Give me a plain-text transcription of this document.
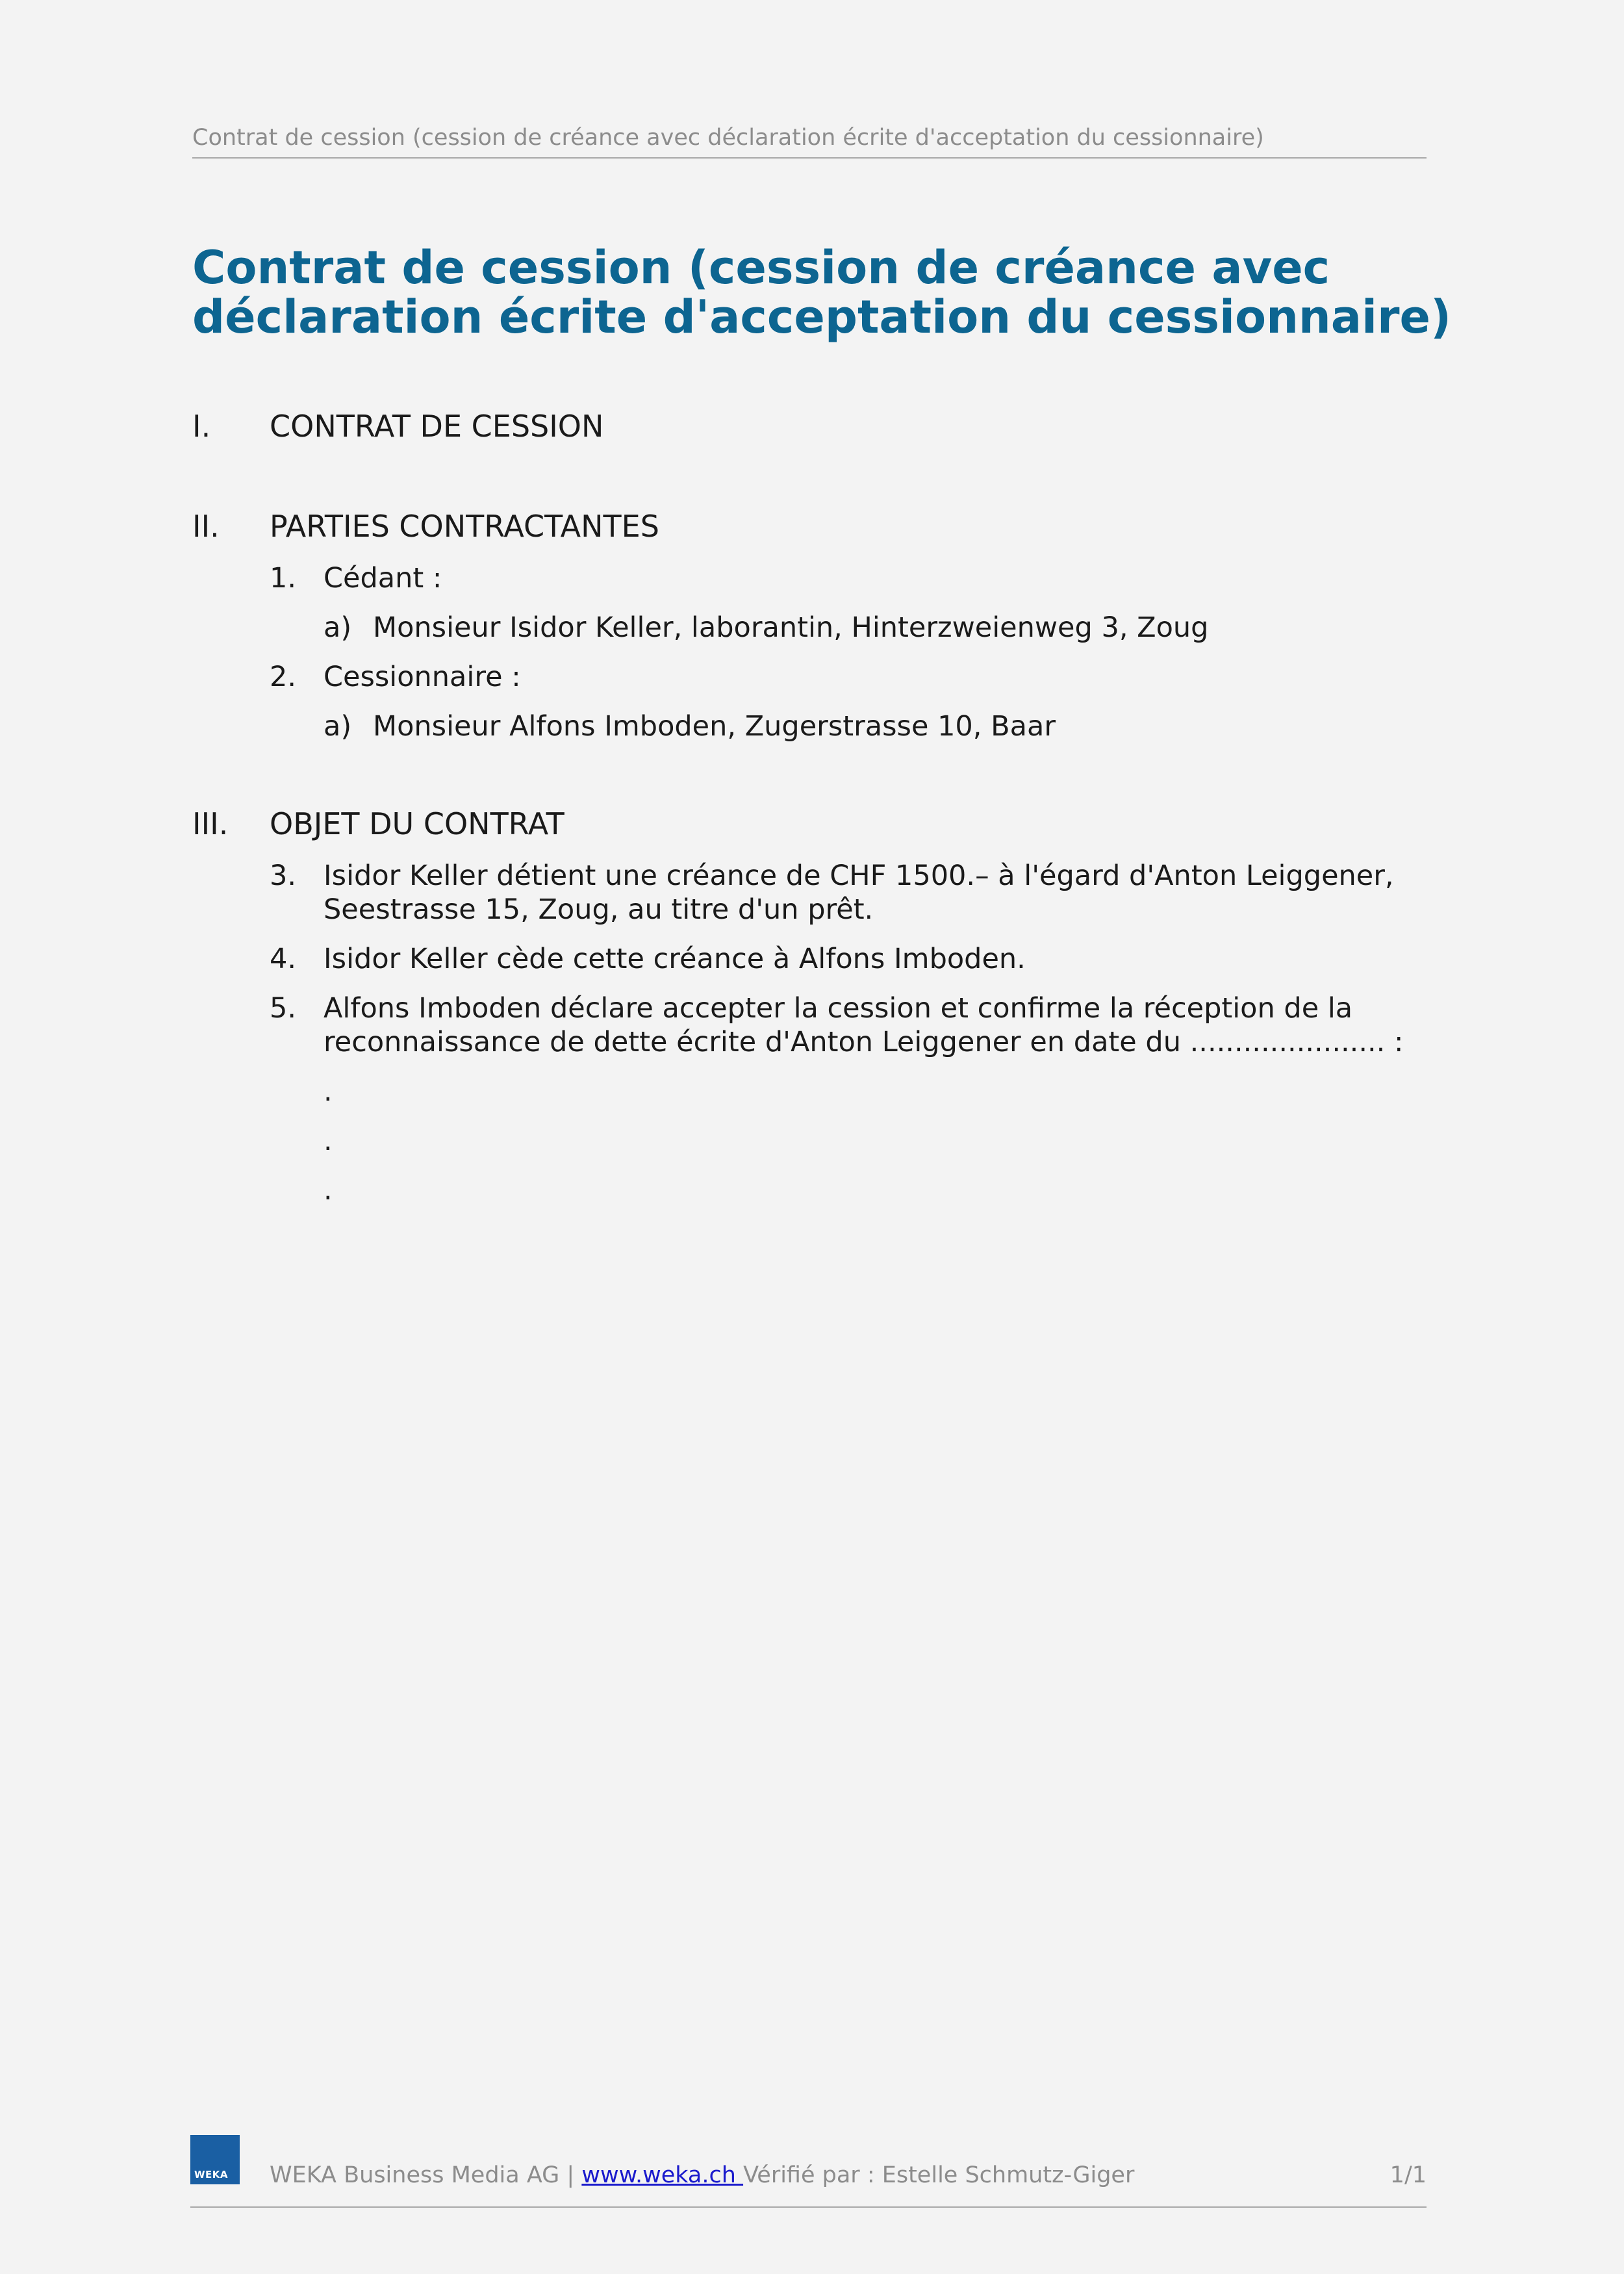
Contrat de cession (cession de créance avec déclaration écrite d'acceptation du cessionnaire)
Contrat de cession (cession de créance avec
déclaration écrite d'acceptation du cessionnaire)
I. CONTRAT DE CESSION
II. PARTIES CONTRACTANTES
1. Cédant :
a) Monsieur Isidor Keller, laborantin, Hinterzweienweg 3, Zoug
2. Cessionnaire :
a) Monsieur Alfons Imboden, Zugerstrasse 10, Baar
III. OBJET DU CONTRAT
3. Isidor Keller détient une créance de CHF 1500.– à l'égard d'Anton Leiggener, Seestrasse 15, Zoug, au titre d'un prêt.
4. Isidor Keller cède cette créance à Alfons Imboden.
5. Alfons Imboden déclare accepter la cession et confirme la réception de la reconnaissance de dette écrite d'Anton Leiggener en date du ...................... :
.
.
.
WEKA WEKA Business Media AG | www.weka.ch Vérifié par : Estelle Schmutz-Giger	1/1
